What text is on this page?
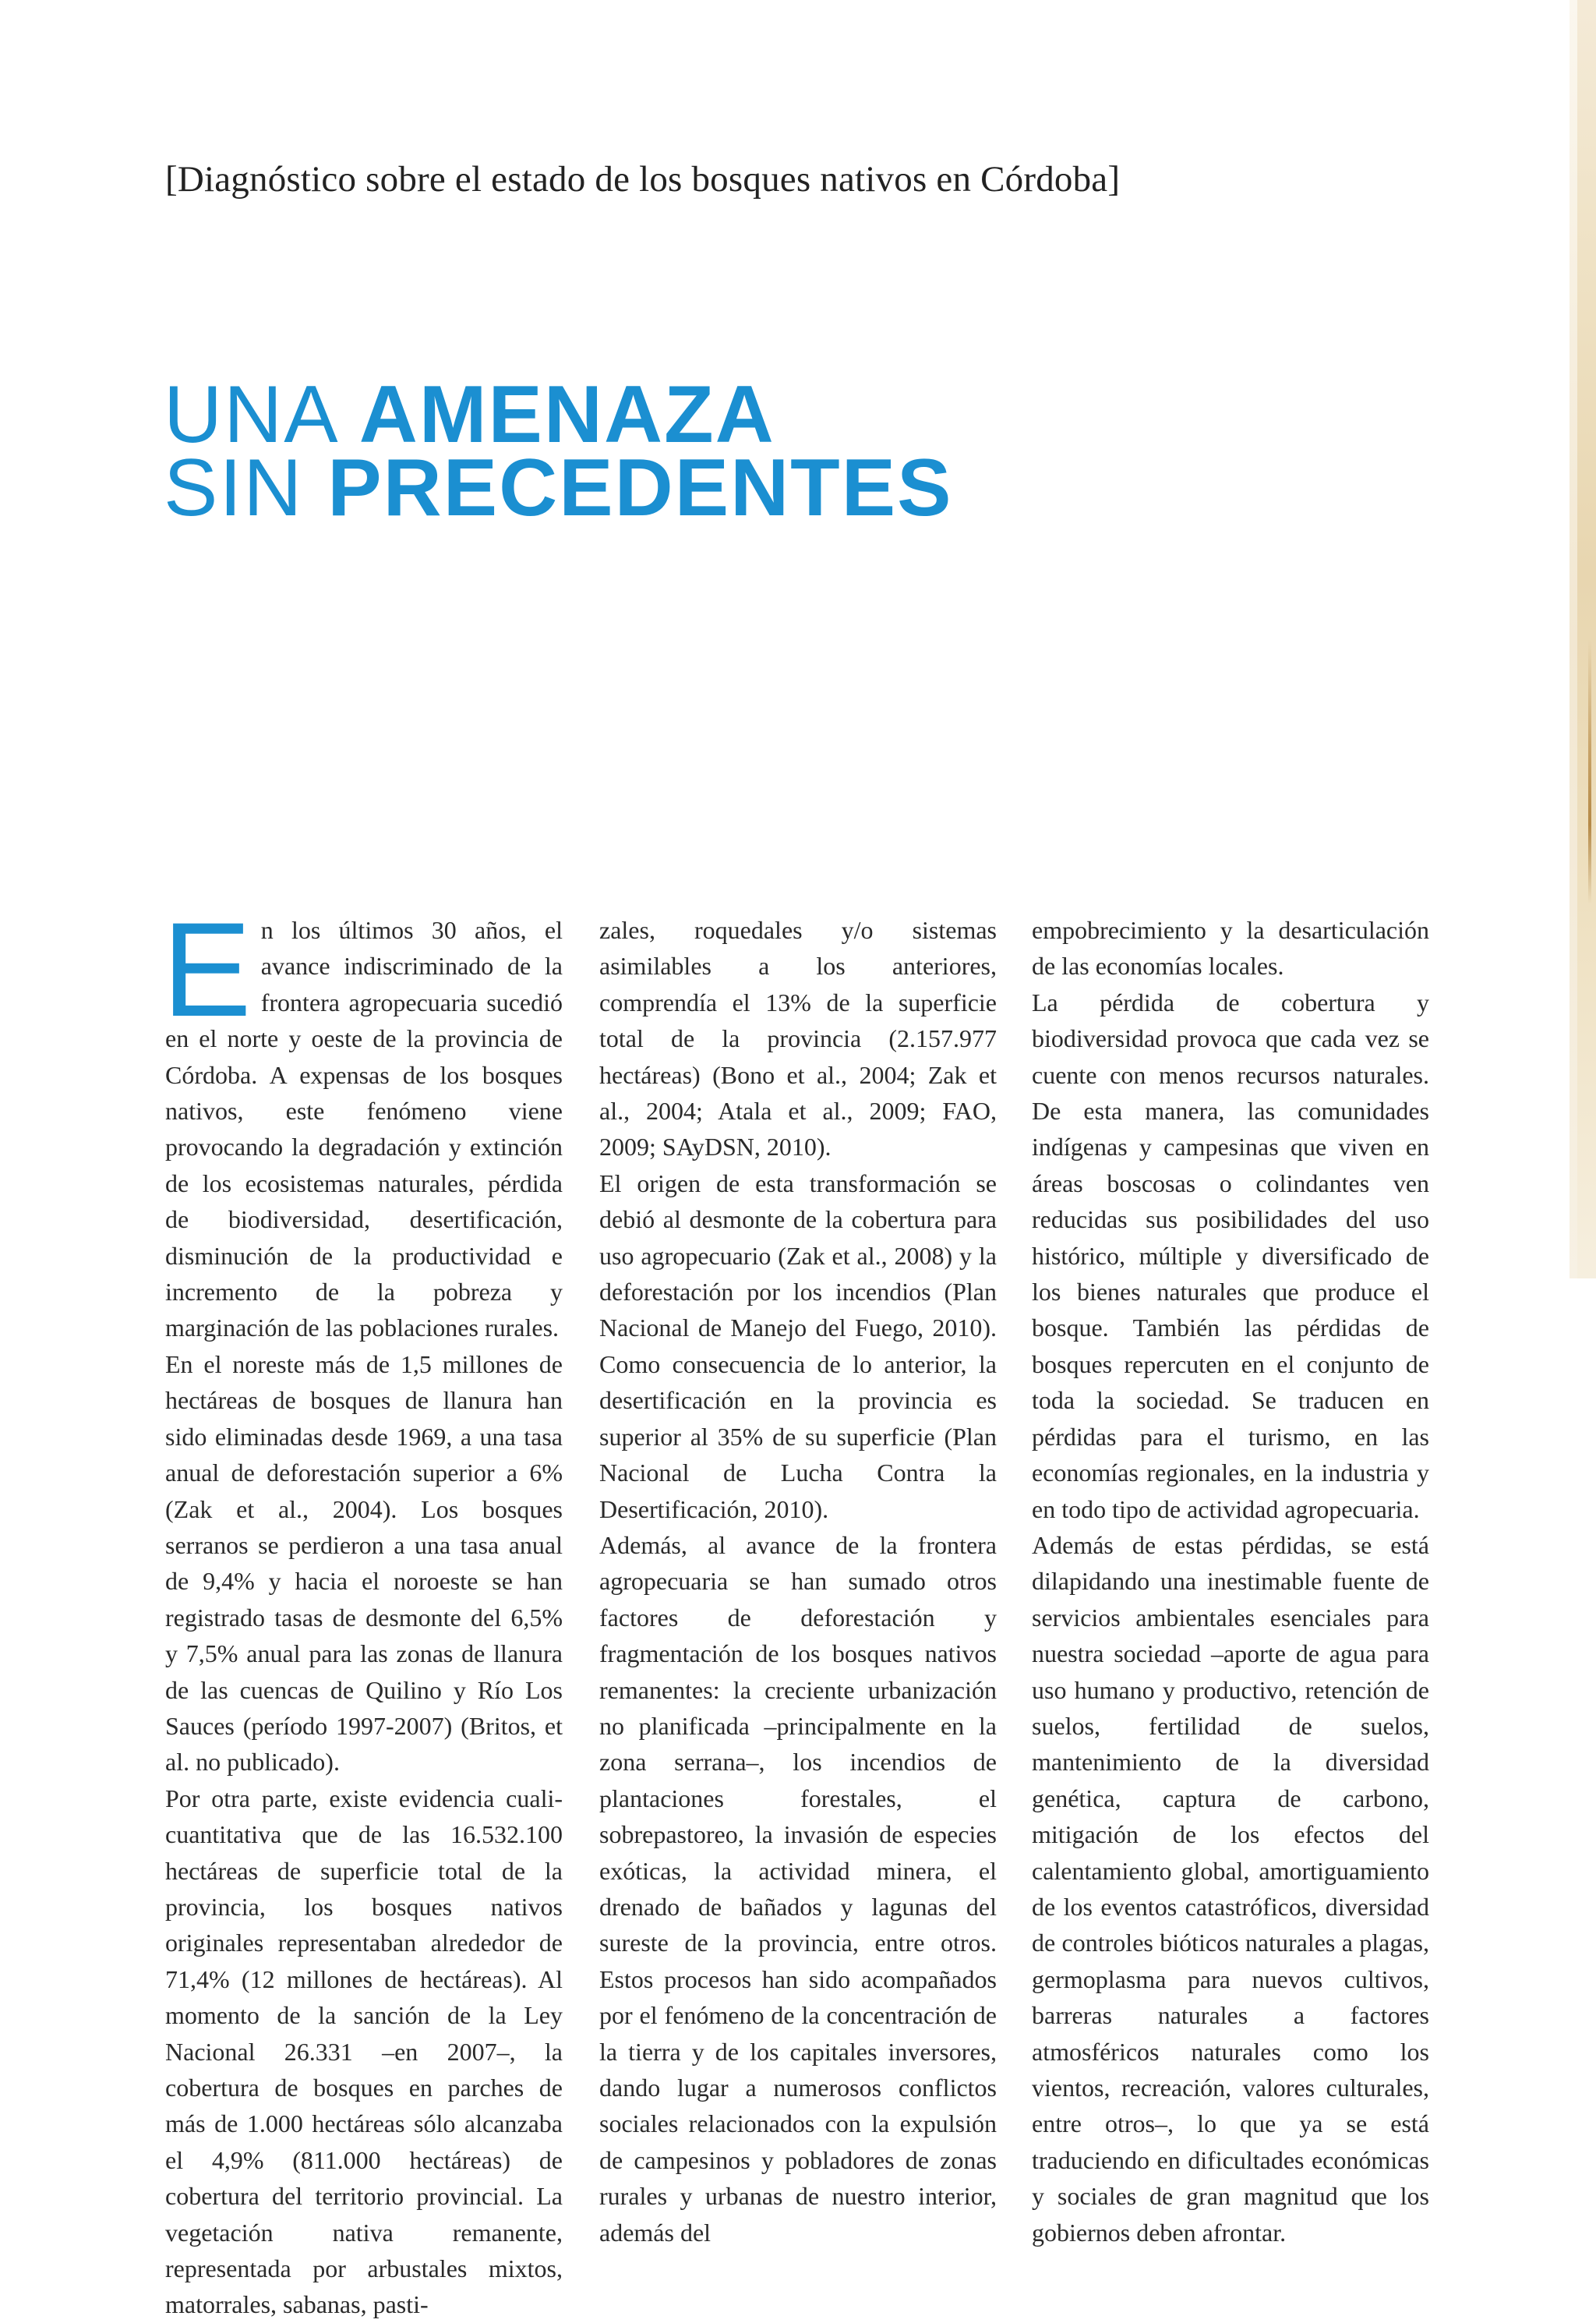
[Diagnóstico sobre el estado de los bosques nativos en Córdoba]
UNA AMENAZA
SIN PRECEDENTES

En los últimos 30 años, el avance indiscriminado de la frontera agropecuaria sucedió en el norte y oeste de la provincia de Córdoba. A expensas de los bosques nativos, este fenómeno viene provocando la degradación y extinción de los ecosistemas naturales, pérdida de biodiversidad, desertificación, disminución de la productividad e incremento de la pobreza y marginación de las poblaciones rurales.

En el noreste más de 1,5 millones de hectáreas de bosques de llanura han sido eliminadas desde 1969, a una tasa anual de deforestación superior a 6% (Zak et al., 2004). Los bosques serranos se perdieron a una tasa anual de 9,4% y hacia el noroeste se han registrado tasas de desmonte del 6,5% y 7,5% anual para las zonas de llanura de las cuencas de Quilino y Río Los Sauces (período 1997-2007) (Britos, et al. no publicado).

Por otra parte, existe evidencia cuali-cuantitativa que de las 16.532.100 hectáreas de superficie total de la provincia, los bosques nativos originales representaban alrededor de 71,4% (12 millones de hectáreas). Al momento de la sanción de la Ley Nacional 26.331 –en 2007–, la cobertura de bosques en parches de más de 1.000 hectáreas sólo alcanzaba el 4,9% (811.000 hectáreas) de cobertura del territorio provincial. La vegetación nativa remanente, representada por arbustales mixtos, matorrales, sabanas, pasti-

zales, roquedales y/o sistemas asimilables a los anteriores, comprendía el 13% de la superficie total de la provincia (2.157.977 hectáreas) (Bono et al., 2004; Zak et al., 2004; Atala et al., 2009; FAO, 2009; SAyDSN, 2010).

El origen de esta transformación se debió al desmonte de la cobertura para uso agropecuario (Zak et al., 2008) y la deforestación por los incendios (Plan Nacional de Manejo del Fuego, 2010). Como consecuencia de lo anterior, la desertificación en la provincia es superior al 35% de su superficie (Plan Nacional de Lucha Contra la Desertificación, 2010).

Además, al avance de la frontera agropecuaria se han sumado otros factores de deforestación y fragmentación de los bosques nativos remanentes: la creciente urbanización no planificada –principalmente en la zona serrana–, los incendios de plantaciones forestales, el sobrepastoreo, la invasión de especies exóticas, la actividad minera, el drenado de bañados y lagunas del sureste de la provincia, entre otros. Estos procesos han sido acompañados por el fenómeno de la concentración de la tierra y de los capitales inversores, dando lugar a numerosos conflictos sociales relacionados con la expulsión de campesinos y pobladores de zonas rurales y urbanas de nuestro interior, además del

empobrecimiento y la desarticulación de las economías locales.

La pérdida de cobertura y biodiversidad provoca que cada vez se cuente con menos recursos naturales. De esta manera, las comunidades indígenas y campesinas que viven en áreas boscosas o colindantes ven reducidas sus posibilidades del uso histórico, múltiple y diversificado de los bienes naturales que produce el bosque. También las pérdidas de bosques repercuten en el conjunto de toda la sociedad. Se traducen en pérdidas para el turismo, en las economías regionales, en la industria y en todo tipo de actividad agropecuaria.

Además de estas pérdidas, se está dilapidando una inestimable fuente de servicios ambientales esenciales para nuestra sociedad –aporte de agua para uso humano y productivo, retención de suelos, fertilidad de suelos, mantenimiento de la diversidad genética, captura de carbono, mitigación de los efectos del calentamiento global, amortiguamiento de los eventos catastróficos, diversidad de controles bióticos naturales a plagas, germoplasma para nuevos cultivos, barreras naturales a factores atmosféricos naturales como los vientos, recreación, valores culturales, entre otros–, lo que ya se está traduciendo en dificultades económicas y sociales de gran magnitud que los gobiernos deben afrontar.
